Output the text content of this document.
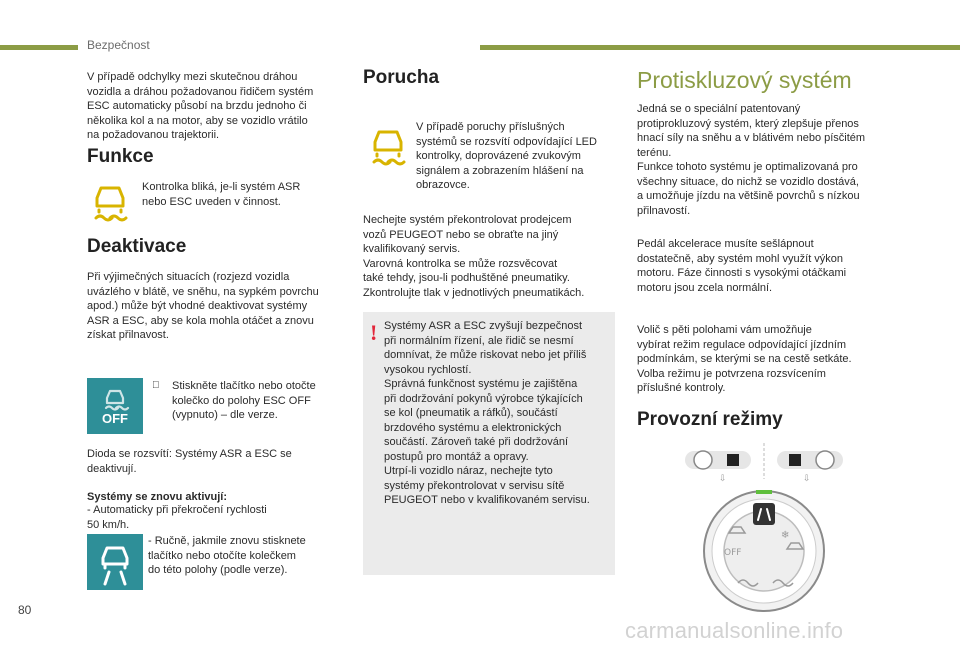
Bezpečnost
V případě odchylky mezi skutečnou dráhou
vozidla a dráhou požadovanou řidičem systém
ESC automaticky působí na brzdu jednoho či
několika kol a na motor, aby se vozidlo vrátilo
na požadovanou trajektorii.
Funkce
Kontrolka bliká, je-li systém ASR
nebo ESC uveden v činnost.
Deaktivace
Při výjimečných situacích (rozjezd vozidla
uvázlého v blátě, ve sněhu, na sypkém povrchu
apod.) může být vhodné deaktivovat systémy
ASR a ESC, aby se kola mohla otáčet a znovu
získat přilnavost.
OFF
Stiskněte tlačítko nebo otočte
kolečko do polohy ESC OFF
(vypnuto) – dle verze.
Dioda se rozsvítí: Systémy ASR a ESC se
deaktivují.
Systémy se znovu aktivují:
- Automaticky při překročení rychlosti
50 km/h.
- Ručně, jakmile znovu stisknete
tlačítko nebo otočíte kolečkem
do této polohy (podle verze).
Porucha
V případě poruchy příslušných
systémů se rozsvítí odpovídající LED
kontrolky, doprovázené zvukovým
signálem a zobrazením hlášení na
obrazovce.
Nechejte systém překontrolovat prodejcem
vozů PEUGEOT nebo se obraťte na jiný
kvalifikovaný servis.
Varovná kontrolka se může rozsvěcovat
také tehdy, jsou-li podhuštěné pneumatiky.
Zkontrolujte tlak v jednotlivých pneumatikách.
! Systémy ASR a ESC zvyšují bezpečnost
při normálním řízení, ale řidič se nesmí
domnívat, že může riskovat nebo jet příliš
vysokou rychlostí.
Správná funkčnost systému je zajištěna
při dodržování pokynů výrobce týkajících
se kol (pneumatik a ráfků), součástí
brzdového systému a elektronických
součástí. Zároveň také při dodržování
postupů pro montáž a opravy.
Utrpí-li vozidlo náraz, nechejte tyto
systémy překontrolovat v servisu sítě
PEUGEOT nebo v kvalifikovaném servisu.
Protiskluzový systém
Jedná se o speciální patentovaný
protiprokluzový systém, který zlepšuje přenos
hnací síly na sněhu a v blátivém nebo písčitém
terénu.
Funkce tohoto systému je optimalizovaná pro
všechny situace, do nichž se vozidlo dostává,
a umožňuje jízdu na většině povrchů s nízkou
přilnavostí.
Pedál akcelerace musíte sešlápnout
dostatečně, aby systém mohl využít výkon
motoru. Fáze činnosti s vysokými otáčkami
motoru jsou zcela normální.
Volič s pěti polohami vám umožňuje
vybírat režim regulace odpovídající jízdním
podmínkám, se kterými se na cestě setkáte.
Volba režimu je potvrzena rozsvícením
příslušné kontroly.
Provozní režimy
⇩	⇩
OFF
❄
80
carmanualsonline.info
